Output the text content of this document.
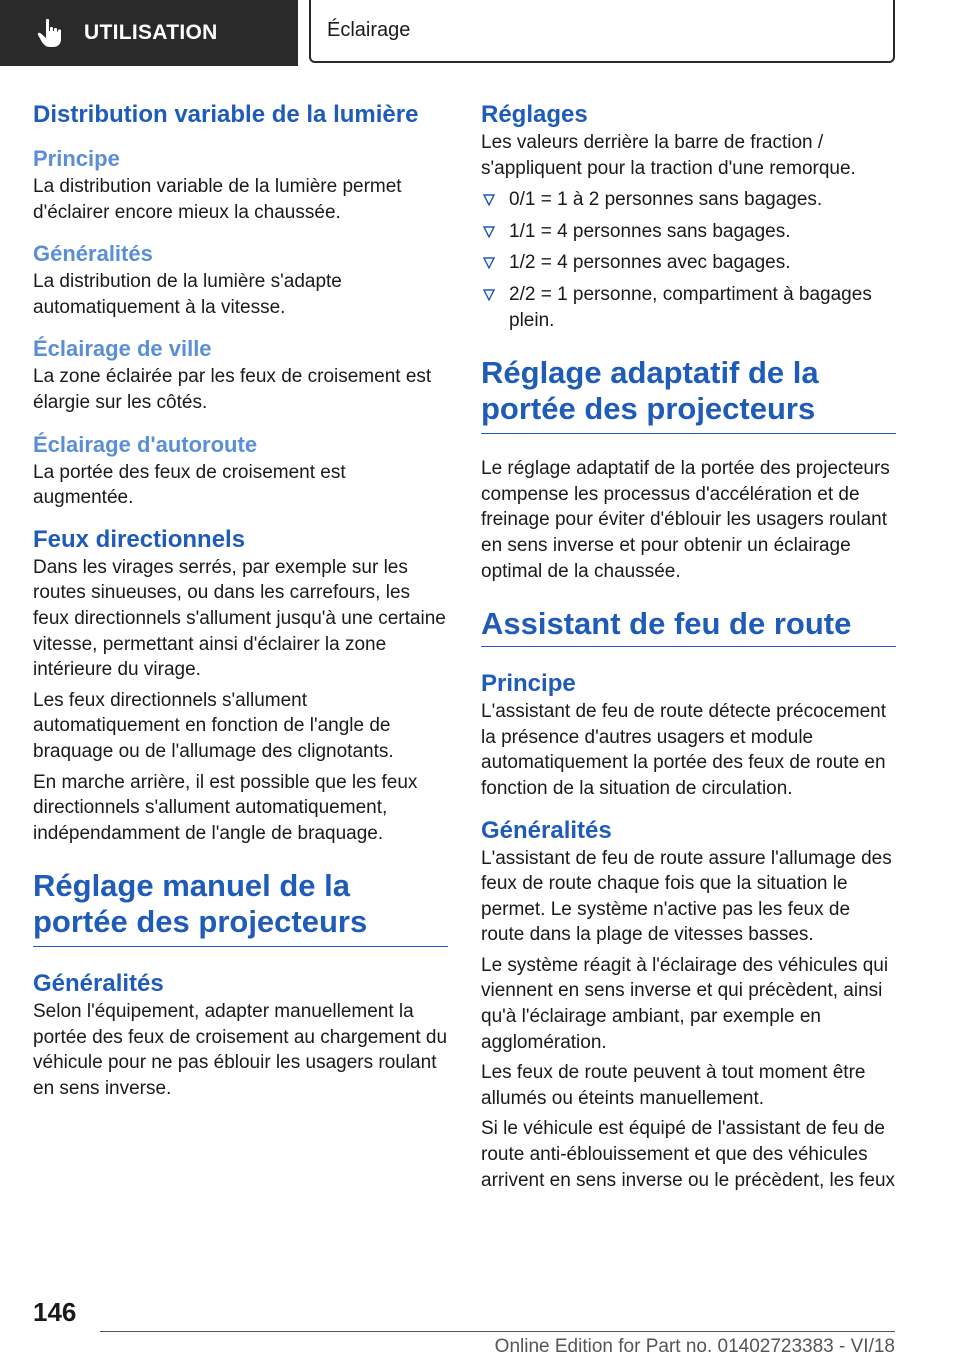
UTILISATION	Éclairage
Distribution variable de la lumière
Principe

La distribution variable de la lumière permet d'éclairer encore mieux la chaussée.

Généralités

La distribution de la lumière s'adapte automatiquement à la vitesse.

Éclairage de ville

La zone éclairée par les feux de croisement est élargie sur les côtés.

Éclairage d'autoroute

La portée des feux de croisement est augmentée.

Feux directionnels

Dans les virages serrés, par exemple sur les routes sinueuses, ou dans les carrefours, les feux directionnels s'allument jusqu'à une certaine vitesse, permettant ainsi d'éclairer la zone intérieure du virage.

Les feux directionnels s'allument automatiquement en fonction de l'angle de braquage ou de l'allumage des clignotants.

En marche arrière, il est possible que les feux directionnels s'allument automatiquement, indépendamment de l'angle de braquage.

Réglage manuel de la portée des projecteurs
Généralités

Selon l'équipement, adapter manuellement la portée des feux de croisement au chargement du véhicule pour ne pas éblouir les usagers roulant en sens inverse.

Réglages

Les valeurs derrière la barre de fraction / s'appliquent pour la traction d'une remorque.

0/1 = 1 à 2 personnes sans bagages.
1/1 = 4 personnes sans bagages.
1/2 = 4 personnes avec bagages.
2/2 = 1 personne, compartiment à bagages plein.
Réglage adaptatif de la portée des projecteurs

Le réglage adaptatif de la portée des projecteurs compense les processus d'accélération et de freinage pour éviter d'éblouir les usagers roulant en sens inverse et pour obtenir un éclairage optimal de la chaussée.

Assistant de feu de route
Principe

L'assistant de feu de route détecte précocement la présence d'autres usagers et module automatiquement la portée des feux de route en fonction de la situation de circulation.

Généralités

L'assistant de feu de route assure l'allumage des feux de route chaque fois que la situation le permet. Le système n'active pas les feux de route dans la plage de vitesses basses.

Le système réagit à l'éclairage des véhicules qui viennent en sens inverse et qui précèdent, ainsi qu'à l'éclairage ambiant, par exemple en agglomération.

Les feux de route peuvent à tout moment être allumés ou éteints manuellement.

Si le véhicule est équipé de l'assistant de feu de route anti-éblouissement et que des véhicules arrivent en sens inverse ou le précèdent, les feux

146
Online Edition for Part no. 01402723383 - VI/18
